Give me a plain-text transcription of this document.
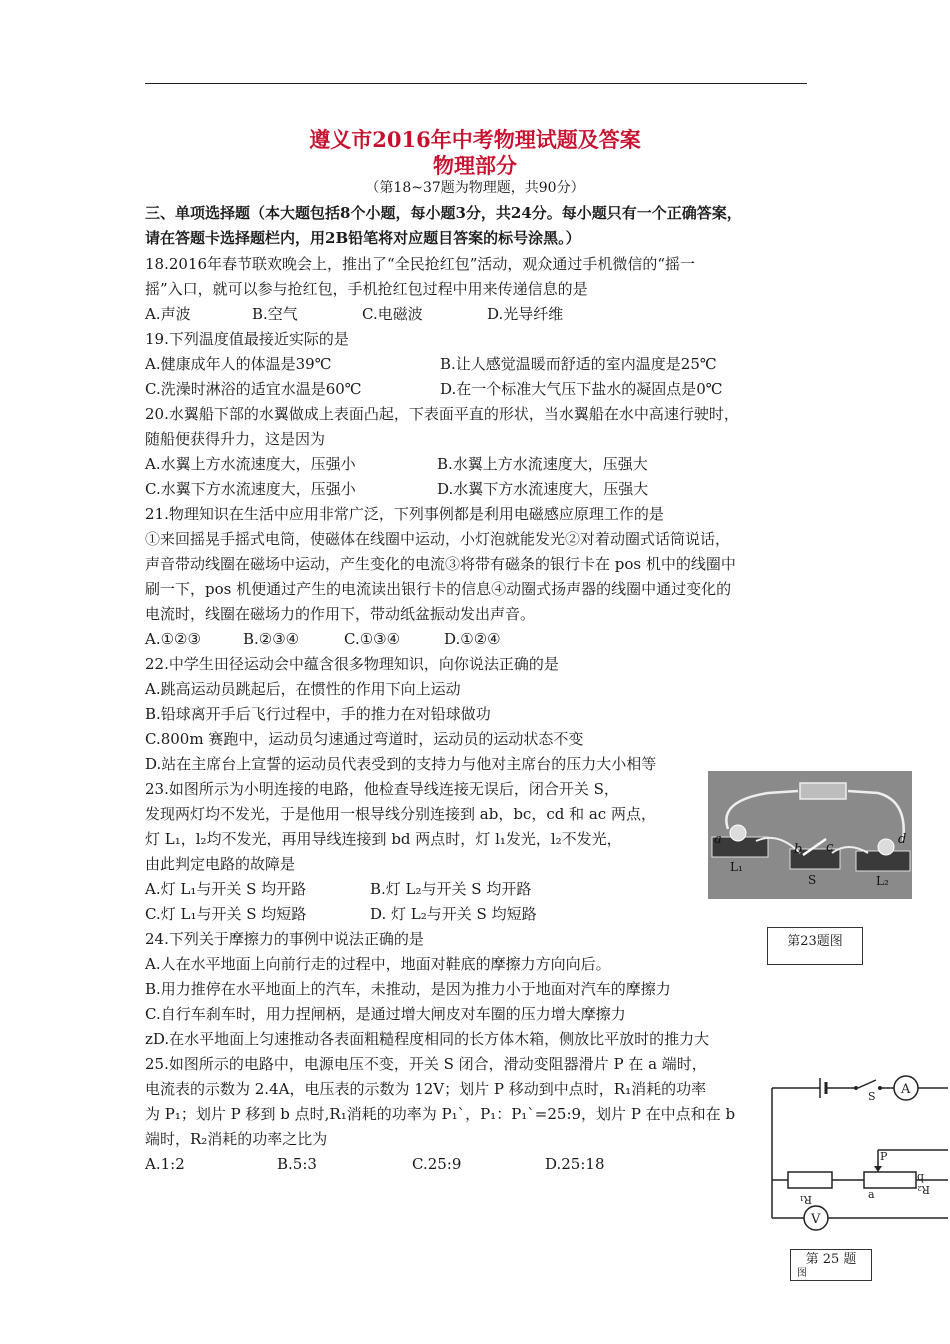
遵义市2016年中考物理试题及答案
物理部分
（第18~37题为物理题，共90分）
三、单项选择题（本大题包括8个小题，每小题3分，共24分。每小题只有一个正确答案，
请在答题卡选择题栏内，用2B铅笔将对应题目答案的标号涂黑。）
18.2016年春节联欢晚会上，推出了“全民抢红包”活动，观众通过手机微信的“摇一
摇”入口，就可以参与抢红包，手机抢红包过程中用来传递信息的是
A.声波	B.空气	C.电磁波	D.光导纤维
19.下列温度值最接近实际的是
A.健康成年人的体温是39℃	B.让人感觉温暖而舒适的室内温度是25℃
C.洗澡时淋浴的适宜水温是60℃	D.在一个标准大气压下盐水的凝固点是0℃
20.水翼船下部的水翼做成上表面凸起，下表面平直的形状，当水翼船在水中高速行驶时，
随船便获得升力，这是因为
A.水翼上方水流速度大，压强小	B.水翼上方水流速度大，压强大
C.水翼下方水流速度大，压强小	D.水翼下方水流速度大，压强大
21.物理知识在生活中应用非常广泛，下列事例都是利用电磁感应原理工作的是
①来回摇晃手摇式电筒，使磁体在线圈中运动，小灯泡就能发光②对着动圈式话筒说话，
声音带动线圈在磁场中运动，产生变化的电流③将带有磁条的银行卡在 pos 机中的线圈中
刷一下，pos 机便通过产生的电流读出银行卡的信息④动圈式扬声器的线圈中通过变化的
电流时，线圈在磁场力的作用下，带动纸盆振动发出声音。
A.①②③	B.②③④	C.①③④	D.①②④
22.中学生田径运动会中蕴含很多物理知识，向你说法正确的是
A.跳高运动员跳起后，在惯性的作用下向上运动
B.铅球离开手后飞行过程中，手的推力在对铅球做功
C.800m 赛跑中，运动员匀速通过弯道时，运动员的运动状态不变
D.站在主席台上宣誓的运动员代表受到的支持力与他对主席台的压力大小相等
23.如图所示为小明连接的电路，他检查导线连接无误后，闭合开关 S，
发现两灯均不发光，于是他用一根导线分别连接到 ab，bc，cd 和 ac 两点，
灯 L₁，l₂均不发光，再用导线连接到 bd 两点时，灯 l₁发光，l₂不发光，
由此判定电路的故障是
A.灯 L₁与开关 S 均开路	B.灯 L₂与开关 S 均开路
C.灯 L₁与开关 S 均短路	D. 灯 L₂与开关 S 均短路
a
b c
d
L₁
S	L₂
第23题图
24.下列关于摩擦力的事例中说法正确的是
A.人在水平地面上向前行走的过程中，地面对鞋底的摩擦力方向向后。
B.用力推停在水平地面上的汽车，未推动，是因为推力小于地面对汽车的摩擦力
C.自行车刹车时，用力捏闸柄，是通过增大闸皮对车圈的压力增大摩擦力
zD.在水平地面上匀速推动各表面粗糙程度相同的长方体木箱，侧放比平放时的推力大
25.如图所示的电路中，电源电压不变，开关 S 闭合，滑动变阻器滑片 P 在 a 端时，
电流表的示数为 2.4A，电压表的示数为 12V；划片 P 移动到中点时，R₁消耗的功率
为 P₁；划片 P 移到 b 点时,R₁消耗的功率为 P₁`，P₁：P₁`=25:9，划片 P 在中点和在 b
端时，R₂消耗的功率之比为
A.1:2	B.5:3	C.25:9	D.25:18
S A
R₁	a	R₂
b
P
V
第 25 题
图
